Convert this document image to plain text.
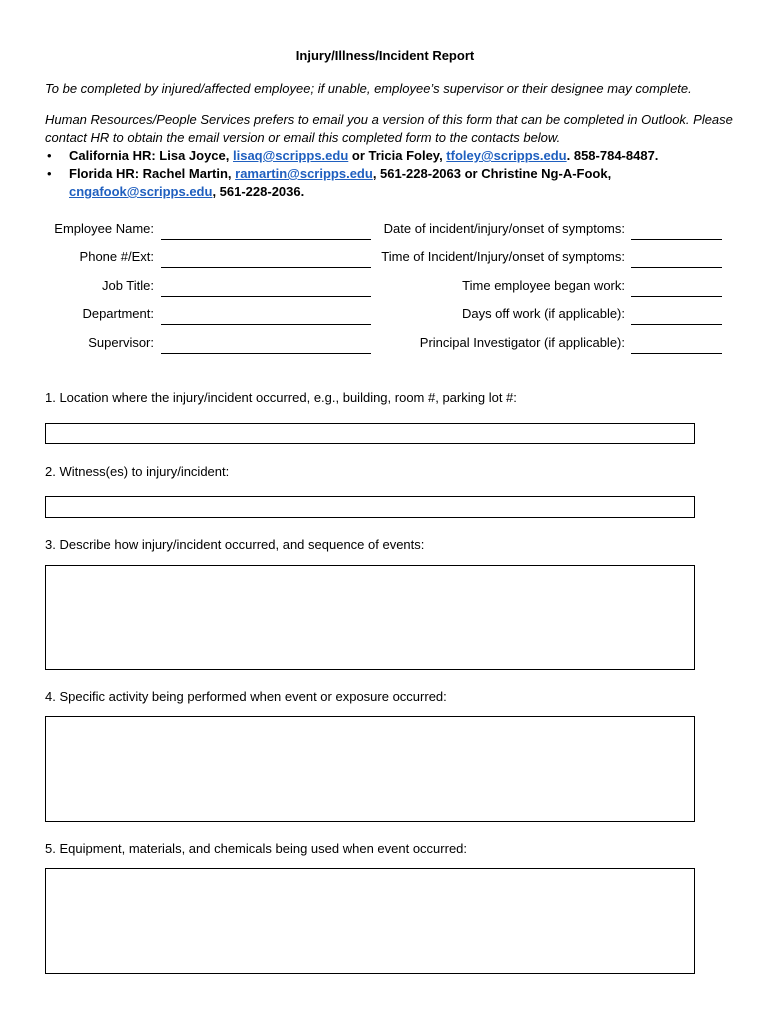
Injury/Illness/Incident Report
To be completed by injured/affected employee; if unable, employee’s supervisor or their designee may complete.
Human Resources/People Services prefers to email you a version of this form that can be completed in Outlook. Please contact HR to obtain the email version or email this completed form to the contacts below.
• California HR: Lisa Joyce, lisaq@scripps.edu or Tricia Foley, tfoley@scripps.edu. 858-784-8487.
• Florida HR: Rachel Martin, ramartin@scripps.edu, 561-228-2063 or Christine Ng-A-Fook, cngafook@scripps.edu, 561-228-2036.
Employee Name:
Phone #/Ext:
Job Title:
Department:
Supervisor:
Date of incident/injury/onset of symptoms:
Time of Incident/Injury/onset of symptoms:
Time employee began work:
Days off work (if applicable):
Principal Investigator (if applicable):
1. Location where the injury/incident occurred, e.g., building, room #, parking lot #:
2. Witness(es) to injury/incident:
3. Describe how injury/incident occurred, and sequence of events:
4. Specific activity being performed when event or exposure occurred:
5. Equipment, materials, and chemicals being used when event occurred:
